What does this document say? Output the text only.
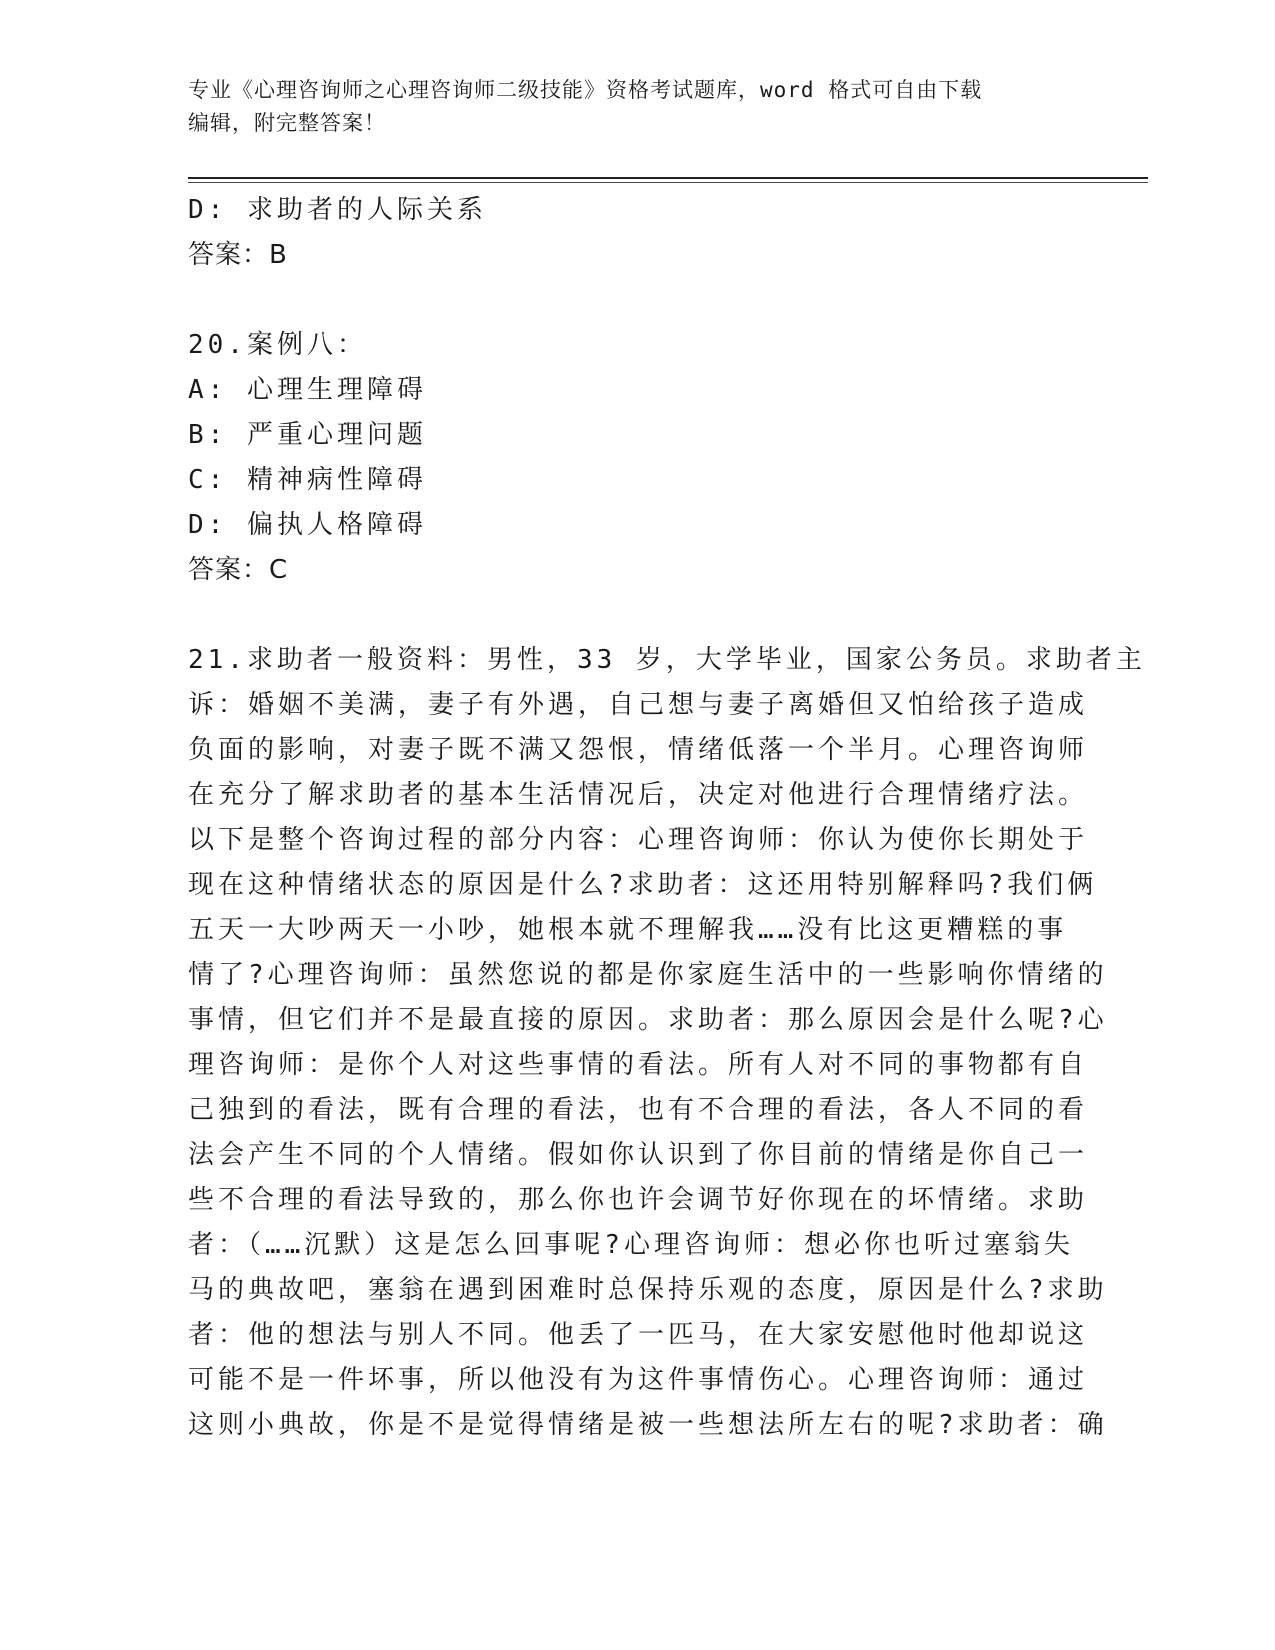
专业《心理咨询师之心理咨询师二级技能》资格考试题库，word 格式可自由下载
编辑，附完整答案！
D: 求助者的人际关系
答案：B
20.案例八：
A: 心理生理障碍
B: 严重心理问题
C: 精神病性障碍
D: 偏执人格障碍
答案：C
21.求助者一般资料：男性，33 岁，大学毕业，国家公务员。求助者主
诉：婚姻不美满，妻子有外遇，自己想与妻子离婚但又怕给孩子造成
负面的影响，对妻子既不满又怨恨，情绪低落一个半月。心理咨询师
在充分了解求助者的基本生活情况后，决定对他进行合理情绪疗法。
以下是整个咨询过程的部分内容：心理咨询师：你认为使你长期处于
现在这种情绪状态的原因是什么?求助者：这还用特别解释吗?我们俩
五天一大吵两天一小吵，她根本就不理解我……没有比这更糟糕的事
情了?心理咨询师：虽然您说的都是你家庭生活中的一些影响你情绪的
事情，但它们并不是最直接的原因。求助者：那么原因会是什么呢?心
理咨询师：是你个人对这些事情的看法。所有人对不同的事物都有自
己独到的看法，既有合理的看法，也有不合理的看法，各人不同的看
法会产生不同的个人情绪。假如你认识到了你目前的情绪是你自己一
些不合理的看法导致的，那么你也许会调节好你现在的坏情绪。求助
者：（……沉默）这是怎么回事呢?心理咨询师：想必你也听过塞翁失
马的典故吧，塞翁在遇到困难时总保持乐观的态度，原因是什么?求助
者：他的想法与别人不同。他丢了一匹马，在大家安慰他时他却说这
可能不是一件坏事，所以他没有为这件事情伤心。心理咨询师：通过
这则小典故，你是不是觉得情绪是被一些想法所左右的呢?求助者：确
